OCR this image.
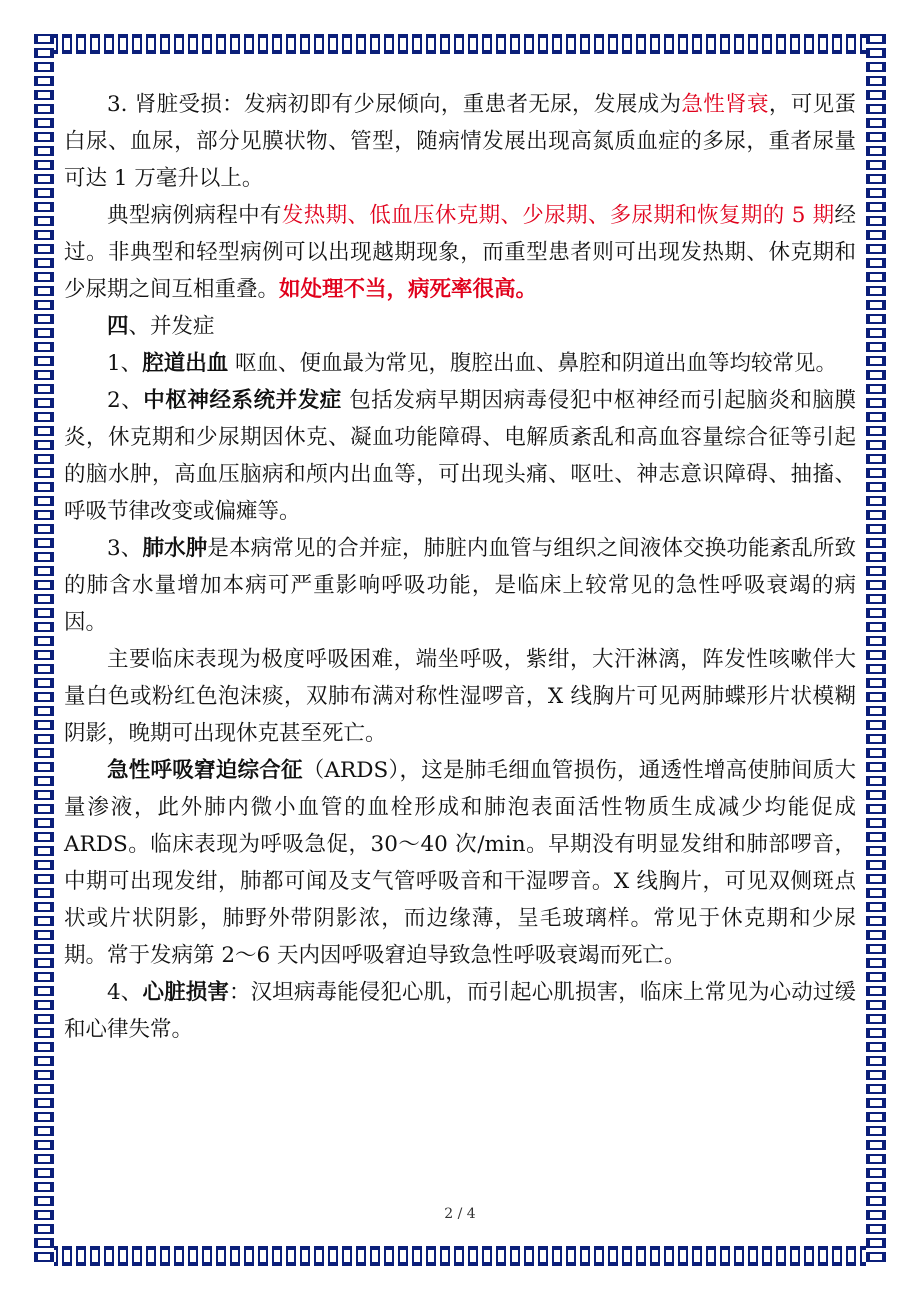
3. 肾脏受损：发病初即有少尿倾向，重患者无尿，发展成为急性肾衰，可见蛋白尿、血尿，部分见膜状物、管型，随病情发展出现高氮质血症的多尿，重者尿量可达 1 万毫升以上。

典型病例病程中有发热期、低血压休克期、少尿期、多尿期和恢复期的 5 期经过。非典型和轻型病例可以出现越期现象，而重型患者则可出现发热期、休克期和少尿期之间互相重叠。如处理不当，病死率很高。

四、并发症

1、腔道出血 呕血、便血最为常见，腹腔出血、鼻腔和阴道出血等均较常见。

2、中枢神经系统并发症 包括发病早期因病毒侵犯中枢神经而引起脑炎和脑膜炎，休克期和少尿期因休克、凝血功能障碍、电解质紊乱和高血容量综合征等引起的脑水肿，高血压脑病和颅内出血等，可出现头痛、呕吐、神志意识障碍、抽搐、呼吸节律改变或偏瘫等。

3、肺水肿是本病常见的合并症，肺脏内血管与组织之间液体交换功能紊乱所致的肺含水量增加本病可严重影响呼吸功能，是临床上较常见的急性呼吸衰竭的病因。

主要临床表现为极度呼吸困难，端坐呼吸，紫绀，大汗淋漓，阵发性咳嗽伴大量白色或粉红色泡沫痰，双肺布满对称性湿啰音，X 线胸片可见两肺蝶形片状模糊阴影，晚期可出现休克甚至死亡。

急性呼吸窘迫综合征（ARDS），这是肺毛细血管损伤，通透性增高使肺间质大量渗液，此外肺内微小血管的血栓形成和肺泡表面活性物质生成减少均能促成 ARDS。临床表现为呼吸急促，30～40 次/min。早期没有明显发绀和肺部啰音，中期可出现发绀，肺都可闻及支气管呼吸音和干湿啰音。X 线胸片，可见双侧斑点状或片状阴影，肺野外带阴影浓，而边缘薄，呈毛玻璃样。常见于休克期和少尿期。常于发病第 2～6 天内因呼吸窘迫导致急性呼吸衰竭而死亡。

4、心脏损害：汉坦病毒能侵犯心肌，而引起心肌损害，临床上常见为心动过缓和心律失常。

2 / 4
